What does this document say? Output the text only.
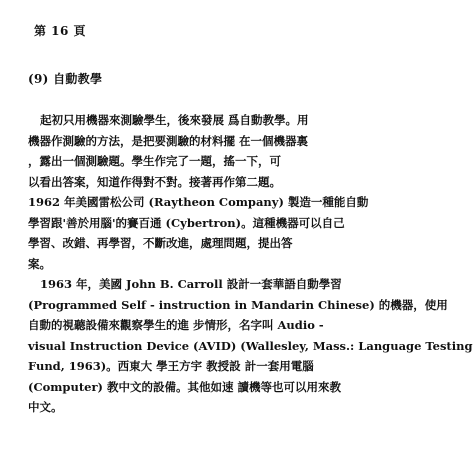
第 16 頁
(9) 自動教學
起初只用機器來測驗學生，後來發展 爲自動教學。用
機器作測驗的方法，是把要測驗的材料擺 在一個機器裏
，露出一個測驗題。學生作完了一題，搖一下，可
以看出答案，知道作得對不對。接著再作第二題。
1962 年美國雷松公司 (Raytheon Company) 製造一種能自動
學習跟'善於用腦'的賽百通 (Cybertron)。這種機器可以自己
學習、改錯、再學習，不斷改進，處理問題，提出答
案。
1963 年，美國 John B. Carroll 設計一套華語自動學習
(Programmed Self - instruction in Mandarin Chinese) 的機器，使用
自動的視聽設備來觀察學生的進 步情形，名字叫 Audio -
visual Instruction Device (AVID) (Wallesley, Mass.: Language Testing
Fund, 1963)。西東大 學王方宇 教授設 計一套用電腦
(Computer) 教中文的設備。其他如速 讀機等也可以用來教
中文。
